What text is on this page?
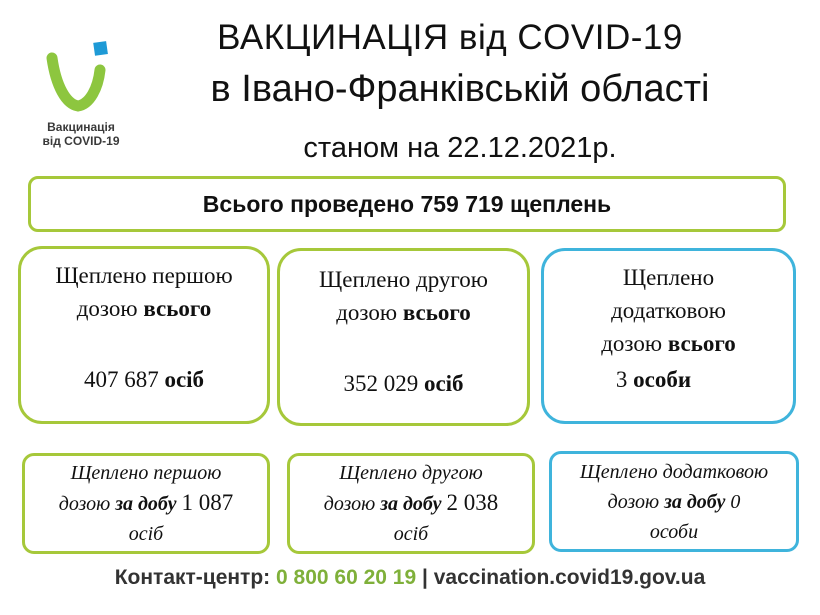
Вакцинація
від COVID-19
ВАКЦИНАЦІЯ від COVID-19
в Івано-Франківській області
станом на 22.12.2021р.
Всього проведено 759 719 щеплень
Щеплено першою
дозою всього
407 687 осіб
Щеплено другою
дозою всього
352 029 осіб
Щеплено
додатковою
дозою всього
3 особи
Щеплено першою
дозою за добу 1 087
осіб
Щеплено другою
дозою за добу 2 038
осіб
Щеплено додатковою
дозою за добу 0
особи
Контакт-центр: 0 800 60 20 19 | vaccination.covid19.gov.ua
